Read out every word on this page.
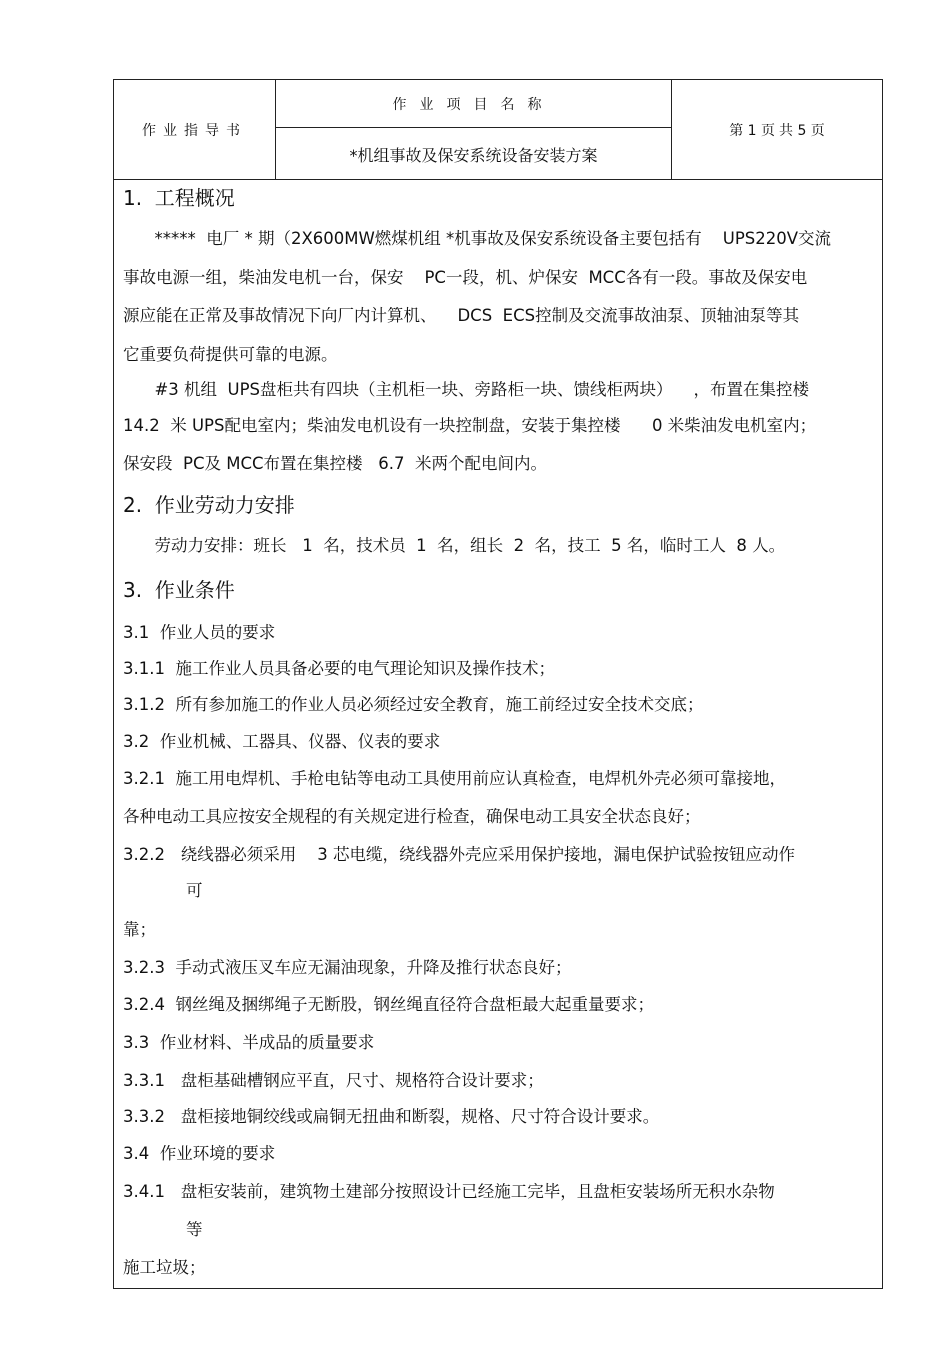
作业指导书
作业项目名称
*机组事故及保安系统设备安装方案
第 1 页 共 5 页
1.  工程概况
*****  电厂 * 期（2X600MW燃煤机组 *机事故及保安系统设备主要包括有    UPS220V交流
事故电源一组，柴油发电机一台，保安    PC一段，机、炉保安  MCC各有一段。事故及保安电
源应能在正常及事故情况下向厂内计算机、    DCS  ECS控制及交流事故油泵、顶轴油泵等其
它重要负荷提供可靠的电源。
#3 机组  UPS盘柜共有四块（主机柜一块、旁路柜一块、馈线柜两块）    ，布置在集控楼
14.2  米 UPS配电室内；柴油发电机设有一块控制盘，安装于集控楼      0 米柴油发电机室内；
保安段  PC及 MCC布置在集控楼   6.7  米两个配电间内。
2.  作业劳动力安排
劳动力安排：班长   1  名，技术员  1  名，组长  2  名，技工  5 名，临时工人  8 人。
3.  作业条件
3.1  作业人员的要求
3.1.1  施工作业人员具备必要的电气理论知识及操作技术；
3.1.2  所有参加施工的作业人员必须经过安全教育，施工前经过安全技术交底；
3.2  作业机械、工器具、仪器、仪表的要求
3.2.1  施工用电焊机、手枪电钻等电动工具使用前应认真检查，电焊机外壳必须可靠接地，
各种电动工具应按安全规程的有关规定进行检查，确保电动工具安全状态良好；
3.2.2   绕线器必须采用    3 芯电缆，绕线器外壳应采用保护接地，漏电保护试验按钮应动作
可
靠；
3.2.3  手动式液压叉车应无漏油现象，升降及推行状态良好；
3.2.4  钢丝绳及捆绑绳子无断股，钢丝绳直径符合盘柜最大起重量要求；
3.3  作业材料、半成品的质量要求
3.3.1   盘柜基础槽钢应平直，尺寸、规格符合设计要求；
3.3.2   盘柜接地铜绞线或扁铜无扭曲和断裂，规格、尺寸符合设计要求。
3.4  作业环境的要求
3.4.1   盘柜安装前，建筑物土建部分按照设计已经施工完毕，且盘柜安装场所无积水杂物
等
施工垃圾；
